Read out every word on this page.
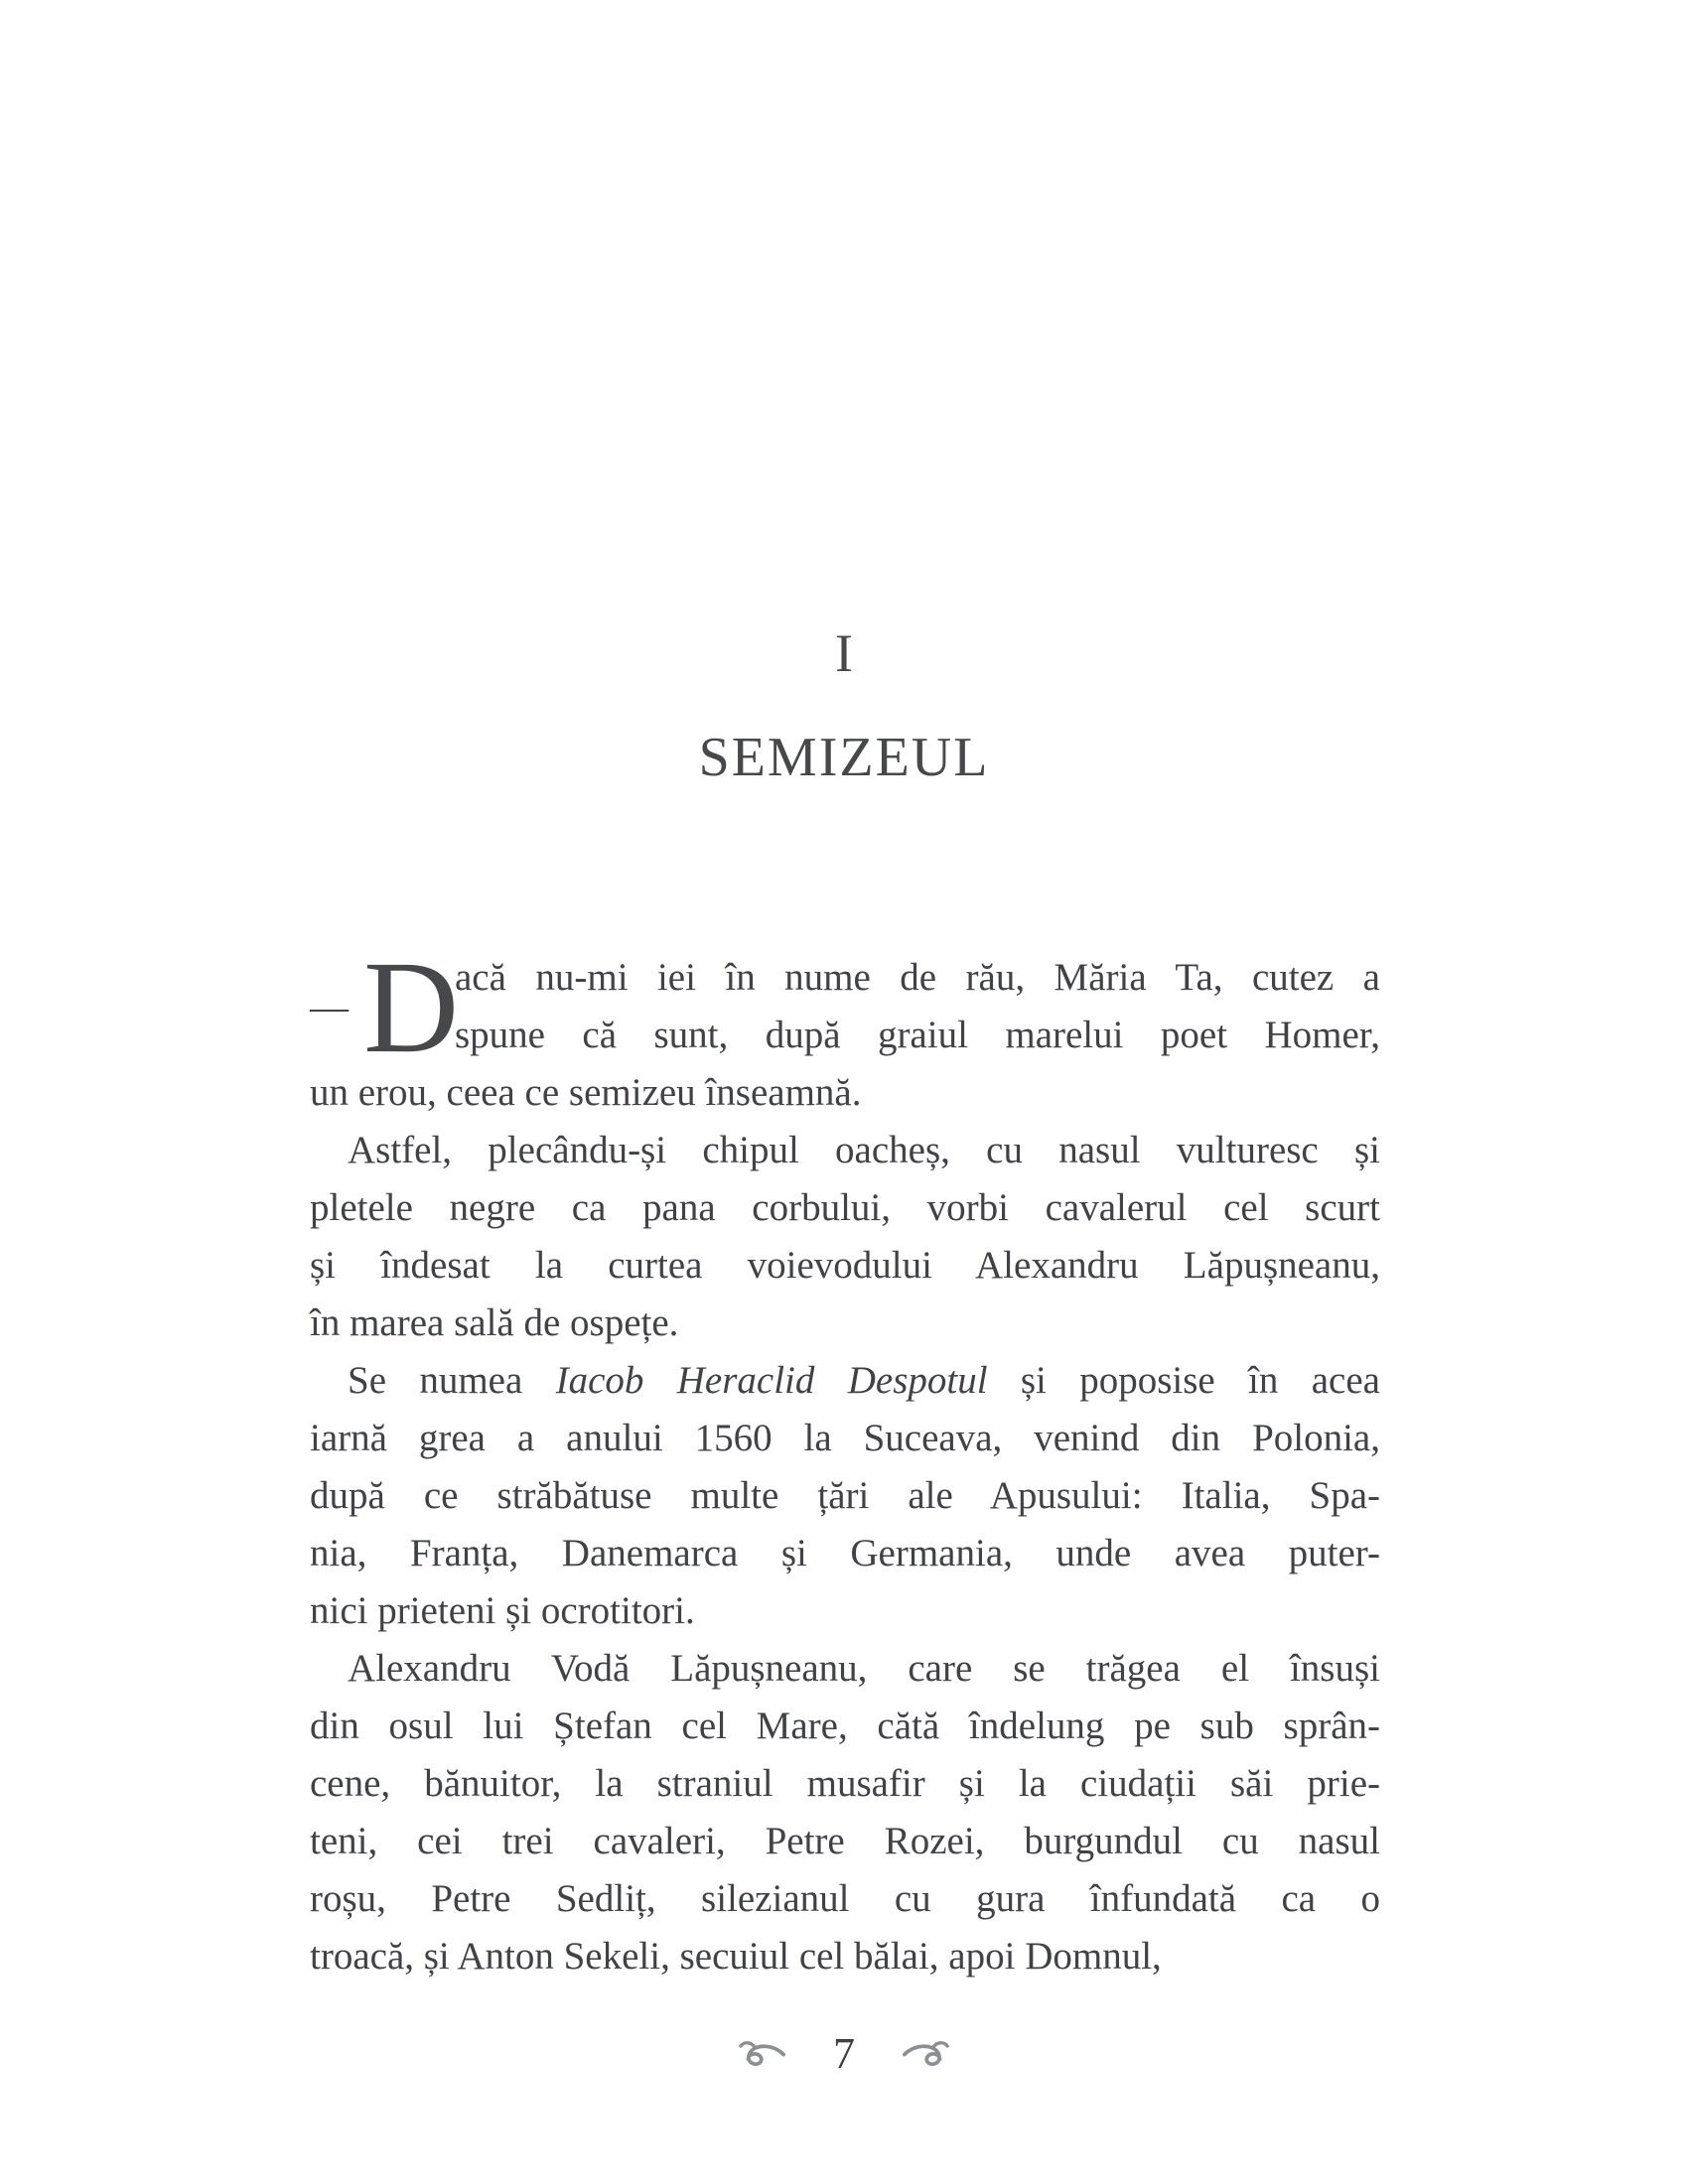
I
SEMIZEUL
— D
acă nu-mi iei în nume de rău, Măria Ta, cutez a
spune că sunt, după graiul marelui poet Homer,
un erou, ceea ce semizeu înseamnă.
Astfel, plecându-și chipul oacheș, cu nasul vulturesc și
pletele negre ca pana corbului, vorbi cavalerul cel scurt
și îndesat la curtea voievodului Alexandru Lăpușneanu,
în marea sală de ospețe.
Se numea Iacob Heraclid Despotul și poposise în acea
iarnă grea a anului 1560 la Suceava, venind din Polonia,
după ce străbătuse multe țări ale Apusului: Italia, Spa-
nia, Franța, Danemarca și Germania, unde avea puter-
nici prieteni și ocrotitori.
Alexandru Vodă Lăpușneanu, care se trăgea el însuși
din osul lui Ștefan cel Mare, cătă îndelung pe sub sprân-
cene, bănuitor, la straniul musafir și la ciudații săi prie-
teni, cei trei cavaleri, Petre Rozei, burgundul cu nasul
roșu, Petre Sedliț, silezianul cu gura înfundată ca o
troacă, și Anton Sekeli, secuiul cel bălai, apoi Domnul,
7
